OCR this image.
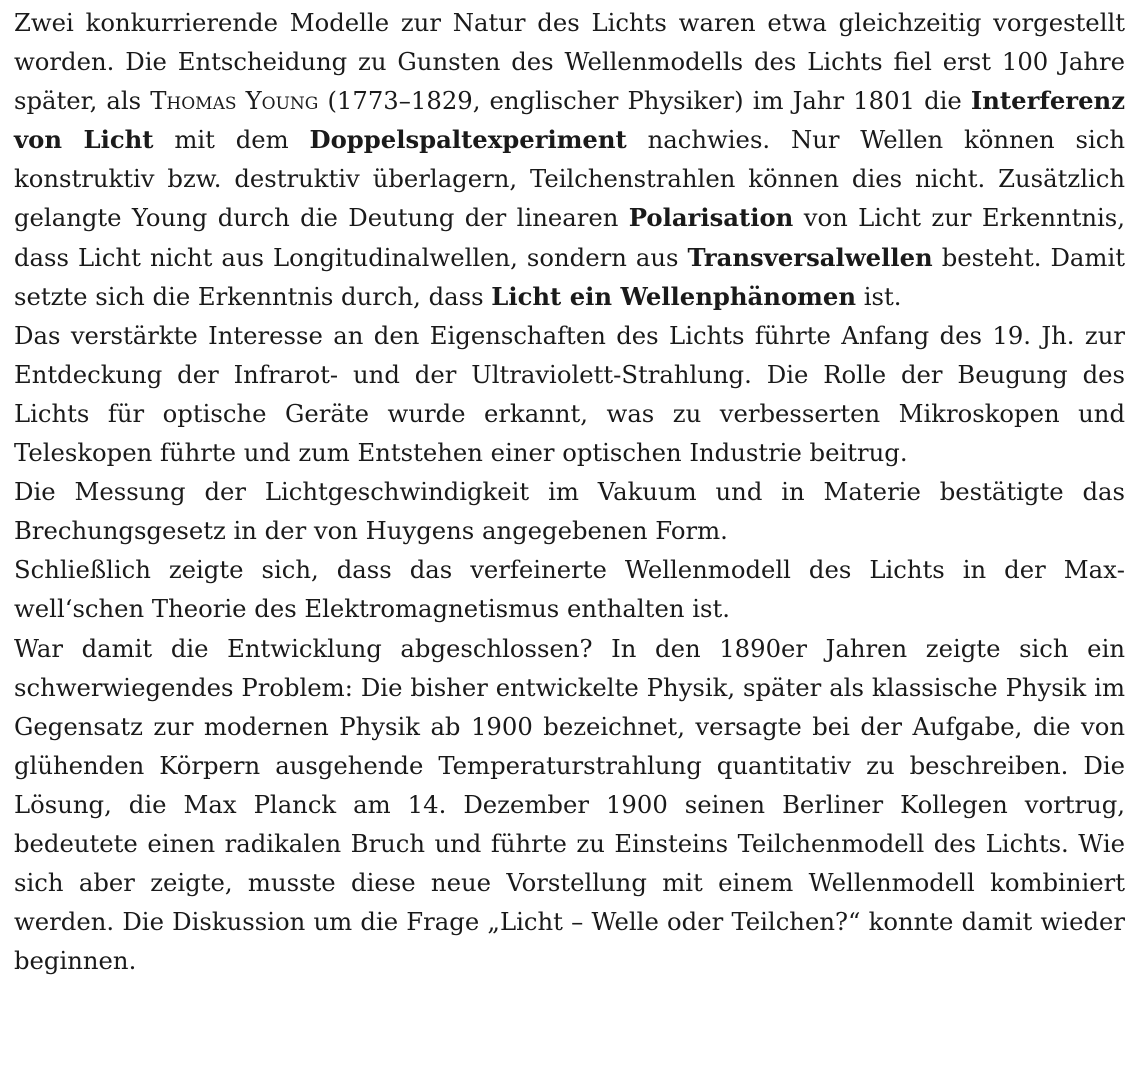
Zwei konkurrierende Modelle zur Natur des Lichts waren etwa gleichzeitig vorgestellt worden. Die Entscheidung zu Gunsten des Wellenmodells des Lichts fiel erst 100 Jahre später, als Thomas Young (1773–1829, englischer Physiker) im Jahr 1801 die Interferenz von Licht mit dem Doppelspaltexperiment nachwies. Nur Wellen können sich konstruktiv bzw. destruktiv überlagern, Teilchenstrahlen können dies nicht. Zusätzlich gelangte Young durch die Deutung der linearen Polarisation von Licht zur Erkenntnis, dass Licht nicht aus Longitudinalwellen, sondern aus Transversalwellen besteht. Damit setzte sich die Erkenntnis durch, dass Licht ein Wellenphänomen ist.

Das verstärkte Interesse an den Eigenschaften des Lichts führte Anfang des 19. Jh. zur Entdeckung der Infrarot- und der Ultraviolett-Strahlung. Die Rolle der Beugung des Lichts für optische Geräte wurde erkannt, was zu verbesserten Mikroskopen und Teleskopen führte und zum Entstehen einer optischen Industrie beitrug.

Die Messung der Lichtgeschwindigkeit im Vakuum und in Materie bestätigte das Brechungsgesetz in der von Huygens angegebenen Form.

Schließlich zeigte sich, dass das verfeinerte Wellenmodell des Lichts in der Maxwell‘schen Theorie des Elektromagnetismus enthalten ist.

War damit die Entwicklung abgeschlossen? In den 1890er Jahren zeigte sich ein schwerwiegendes Problem: Die bisher entwickelte Physik, später als klassische Physik im Gegensatz zur modernen Physik ab 1900 bezeichnet, versagte bei der Aufgabe, die von glühenden Körpern ausgehende Temperaturstrahlung quantitativ zu beschreiben. Die Lösung, die Max Planck am 14. Dezember 1900 seinen Berliner Kollegen vortrug, bedeutete einen radikalen Bruch und führte zu Einsteins Teilchenmodell des Lichts. Wie sich aber zeigte, musste diese neue Vorstellung mit einem Wellenmodell kombiniert werden. Die Diskussion um die Frage „Licht – Welle oder Teilchen?“ konnte damit wieder beginnen.
